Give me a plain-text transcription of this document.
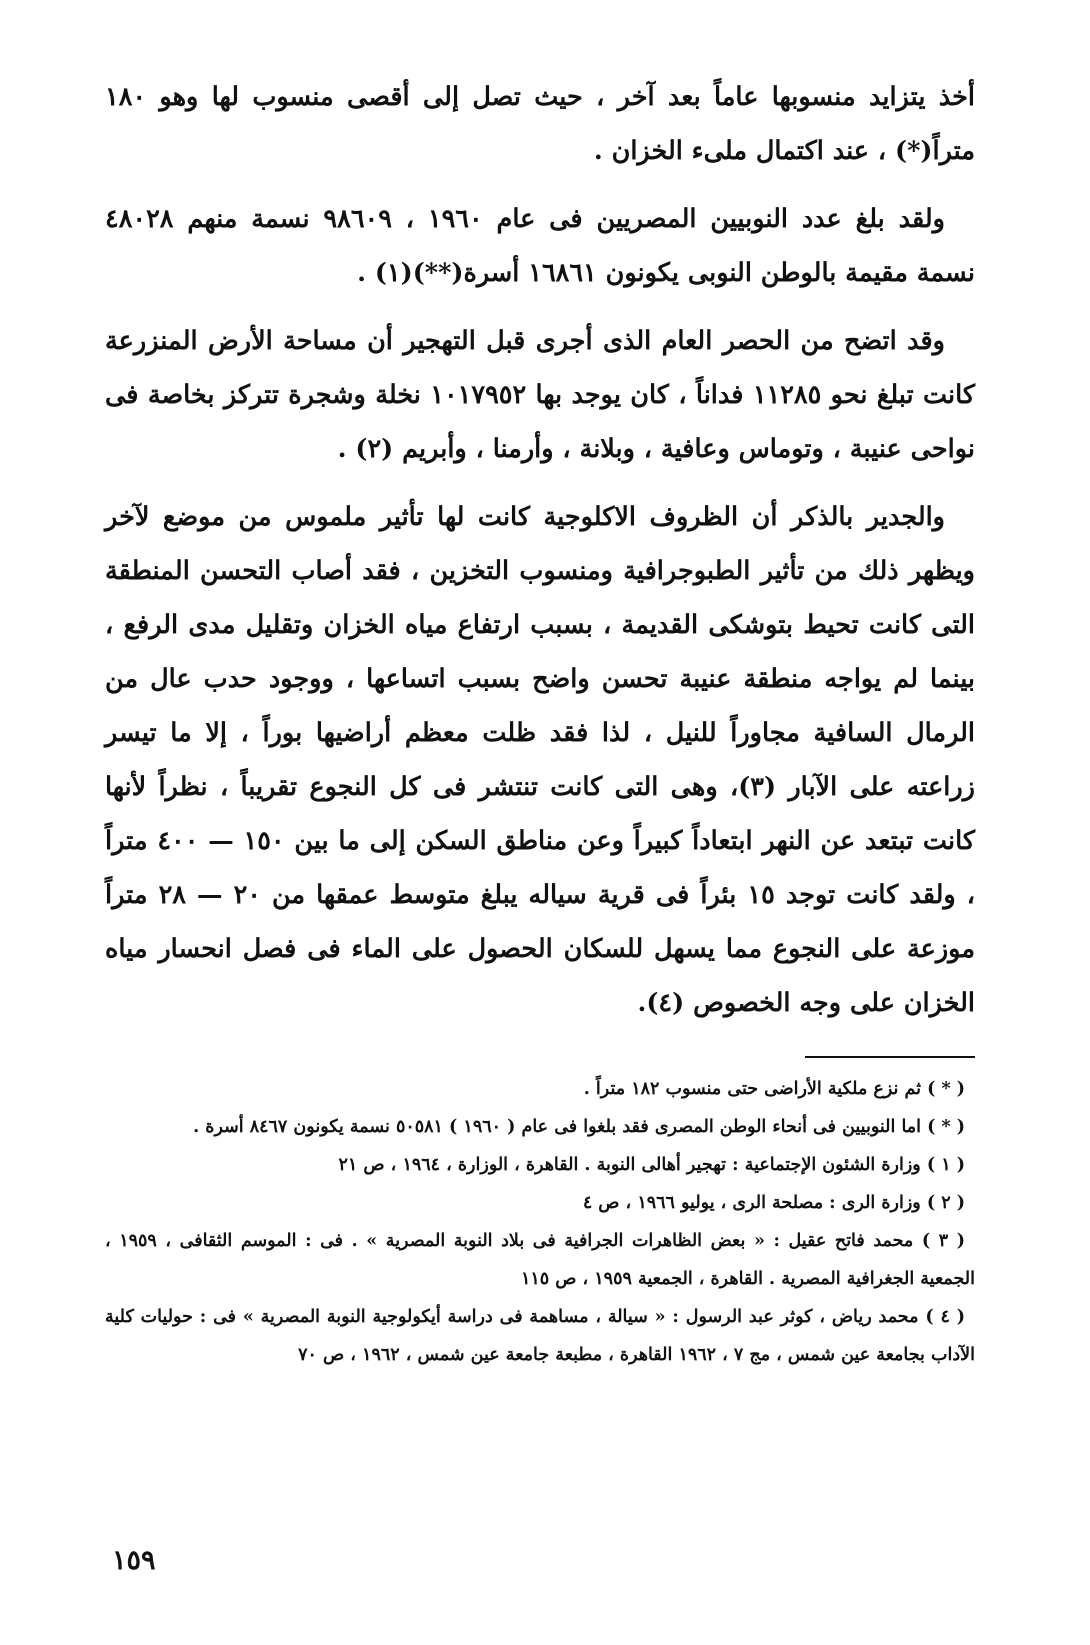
أخذ يتزايد منسوبها عاماً بعد آخر ، حيث تصل إلى أقصى منسوب لها وهو ١٨٠ متراً(*) ، عند اكتمال ملىء الخزان .

ولقد بلغ عدد النوبيين المصريين فى عام ١٩٦٠ ، ٩٨٦٠٩ نسمة منهم ٤٨٠٢٨ نسمة مقيمة بالوطن النوبى يكونون ١٦٨٦١ أسرة(**)(١) .

وقد اتضح من الحصر العام الذى أجرى قبل التهجير أن مساحة الأرض المنزرعة كانت تبلغ نحو ١١٢٨٥ فداناً ، كان يوجد بها ١٠١٧٩٥٢ نخلة وشجرة تتركز بخاصة فى نواحى عنيبة ، وتوماس وعافية ، وبلانة ، وأرمنا ، وأبريم (٢) .

والجدير بالذكر أن الظروف الاكلوجية كانت لها تأثير ملموس من موضع لآخر ويظهر ذلك من تأثير الطبوجرافية ومنسوب التخزين ، فقد أصاب التحسن المنطقة التى كانت تحيط بتوشكى القديمة ، بسبب ارتفاع مياه الخزان وتقليل مدى الرفع ، بينما لم يواجه منطقة عنيبة تحسن واضح بسبب اتساعها ، ووجود حدب عال من الرمال السافية مجاوراً للنيل ، لذا فقد ظلت معظم أراضيها بوراً ، إلا ما تيسر زراعته على الآبار (٣)، وهى التى كانت تنتشر فى كل النجوع تقريباً ، نظراً لأنها كانت تبتعد عن النهر ابتعاداً كبيراً وعن مناطق السكن إلى ما بين ١٥٠ — ٤٠٠ متراً ، ولقد كانت توجد ١٥ بئراً فى قرية سياله يبلغ متوسط عمقها من ٢٠ — ٢٨ متراً موزعة على النجوع مما يسهل للسكان الحصول على الماء فى فصل انحسار مياه الخزان على وجه الخصوص (٤).

( * ) ثم نزع ملكية الأراضى حتى منسوب ١٨٢ متراً .

( * ) اما النوبيين فى أنحاء الوطن المصرى فقد بلغوا فى عام ( ١٩٦٠ ) ٥٠٥٨١ نسمة يكونون ٨٤٦٧ أسرة .

( ١ ) وزارة الشئون الإجتماعية : تهجير أهالى النوبة . القاهرة ، الوزارة ، ١٩٦٤ ، ص ٢١

( ٢ ) وزارة الرى : مصلحة الرى ، يوليو ١٩٦٦ ، ص ٤

( ٣ ) محمد فاتح عقيل : « بعض الظاهرات الجرافية فى بلاد النوبة المصرية » . فى : الموسم الثقافى ، ١٩٥٩ ، الجمعية الجغرافية المصرية . القاهرة ، الجمعية ١٩٥٩ ، ص ١١٥

( ٤ ) محمد رياض ، كوثر عبد الرسول : « سيالة ، مساهمة فى دراسة أيكولوجية النوبة المصرية » فى : حوليات كلية الآداب بجامعة عين شمس ، مج ٧ ، ١٩٦٢ القاهرة ، مطبعة جامعة عين شمس ، ١٩٦٢ ، ص ٧٠

١٥٩
